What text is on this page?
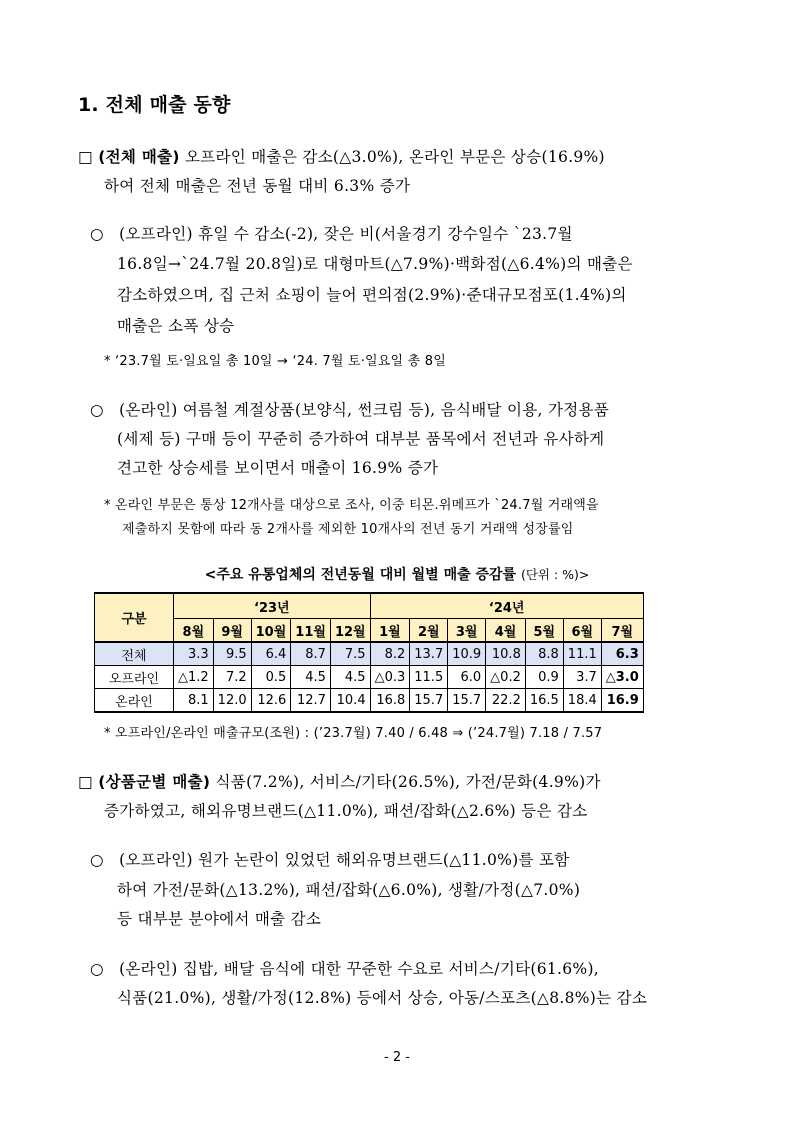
1. 전체 매출 동향
□ (전체 매출) 오프라인 매출은 감소(△3.0%), 온라인 부문은 상승(16.9%)
하여 전체 매출은 전년 동월 대비 6.3% 증가
○ (오프라인) 휴일 수 감소(-2), 잦은 비(서울경기 강수일수 `23.7월
16.8일→`24.7월 20.8일)로 대형마트(△7.9%)·백화점(△6.4%)의 매출은
감소하였으며, 집 근처 쇼핑이 늘어 편의점(2.9%)·준대규모점포(1.4%)의
매출은 소폭 상승
* ‘23.7월 토·일요일 총 10일 → ‘24. 7월 토·일요일 총 8일
○ (온라인) 여름철 계절상품(보양식, 썬크림 등), 음식배달 이용, 가정용품
(세제 등) 구매 등이 꾸준히 증가하여 대부분 품목에서 전년과 유사하게
견고한 상승세를 보이면서 매출이 16.9% 증가
* 온라인 부문은 통상 12개사를 대상으로 조사, 이중 티몬.위메프가 `24.7월 거래액을
제출하지 못함에 따라 동 2개사를 제외한 10개사의 전년 동기 거래액 성장률임
<주요 유통업체의 전년동월 대비 월별 매출 증감률 (단위 : %)>
구분	‘23년					‘24년						
	8월	9월	10월	11월	12월	1월	2월	3월	4월	5월	6월	7월
전체	3.3	9.5	6.4	8.7	7.5	8.2	13.7	10.9	10.8	8.8	11.1	6.3
오프라인	△1.2	7.2	0.5	4.5	4.5	△0.3	11.5	6.0	△0.2	0.9	3.7	△3.0
온라인	8.1	12.0	12.6	12.7	10.4	16.8	15.7	15.7	22.2	16.5	18.4	16.9
* 오프라인/온라인 매출규모(조원) : (’23.7월) 7.40 / 6.48 ⇒ (’24.7월) 7.18 / 7.57
□ (상품군별 매출) 식품(7.2%), 서비스/기타(26.5%), 가전/문화(4.9%)가
증가하였고, 해외유명브랜드(△11.0%), 패션/잡화(△2.6%) 등은 감소
○ (오프라인) 원가 논란이 있었던 해외유명브랜드(△11.0%)를 포함
하여 가전/문화(△13.2%), 패션/잡화(△6.0%), 생활/가정(△7.0%)
등 대부분 분야에서 매출 감소
○ (온라인) 집밥, 배달 음식에 대한 꾸준한 수요로 서비스/기타(61.6%),
식품(21.0%), 생활/가정(12.8%) 등에서 상승, 아동/스포츠(△8.8%)는 감소
- 2 -
